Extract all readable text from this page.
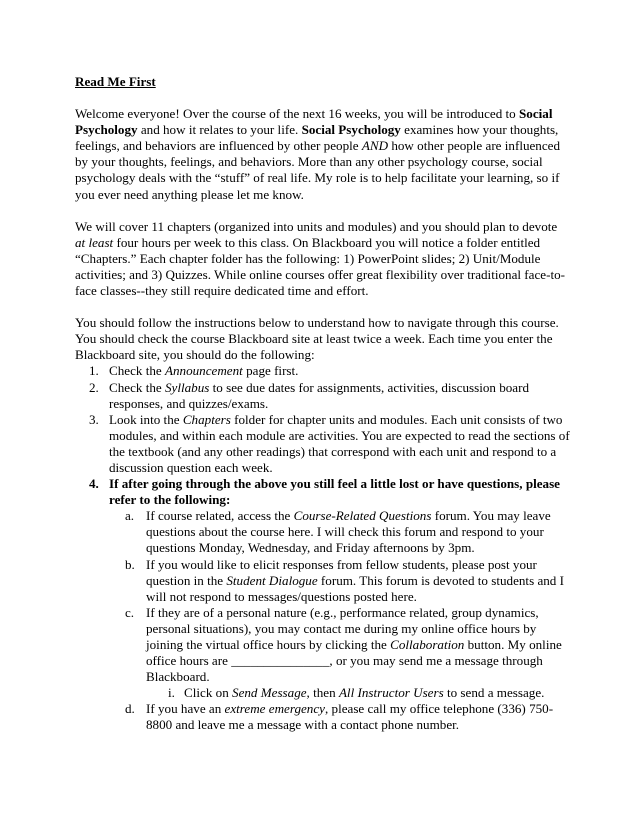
Read Me First

Welcome everyone! Over the course of the next 16 weeks, you will be introduced to Social Psychology and how it relates to your life. Social Psychology examines how your thoughts, feelings, and behaviors are influenced by other people AND how other people are influenced by your thoughts, feelings, and behaviors. More than any other psychology course, social psychology deals with the “stuff” of real life. My role is to help facilitate your learning, so if you ever need anything please let me know.

We will cover 11 chapters (organized into units and modules) and you should plan to devote at least four hours per week to this class. On Blackboard you will notice a folder entitled “Chapters.” Each chapter folder has the following: 1) PowerPoint slides; 2) Unit/Module activities; and 3) Quizzes. While online courses offer great flexibility over traditional face-to-face classes--they still require dedicated time and effort.

You should follow the instructions below to understand how to navigate through this course. You should check the course Blackboard site at least twice a week. Each time you enter the Blackboard site, you should do the following:
1. Check the Announcement page first.
2. Check the Syllabus to see due dates for assignments, activities, discussion board responses, and quizzes/exams.
3. Look into the Chapters folder for chapter units and modules. Each unit consists of two modules, and within each module are activities. You are expected to read the sections of the textbook (and any other readings) that correspond with each unit and respond to a discussion question each week.
4. If after going through the above you still feel a little lost or have questions, please refer to the following:
a. If course related, access the Course-Related Questions forum. You may leave questions about the course here. I will check this forum and respond to your questions Monday, Wednesday, and Friday afternoons by 3pm.
b. If you would like to elicit responses from fellow students, please post your question in the Student Dialogue forum. This forum is devoted to students and I will not respond to messages/questions posted here.
c. If they are of a personal nature (e.g., performance related, group dynamics, personal situations), you may contact me during my online office hours by joining the virtual office hours by clicking the Collaboration button. My online office hours are _______________, or you may send me a message through Blackboard.
i. Click on Send Message, then All Instructor Users to send a message.
d. If you have an extreme emergency, please call my office telephone (336) 750-8800 and leave me a message with a contact phone number.
